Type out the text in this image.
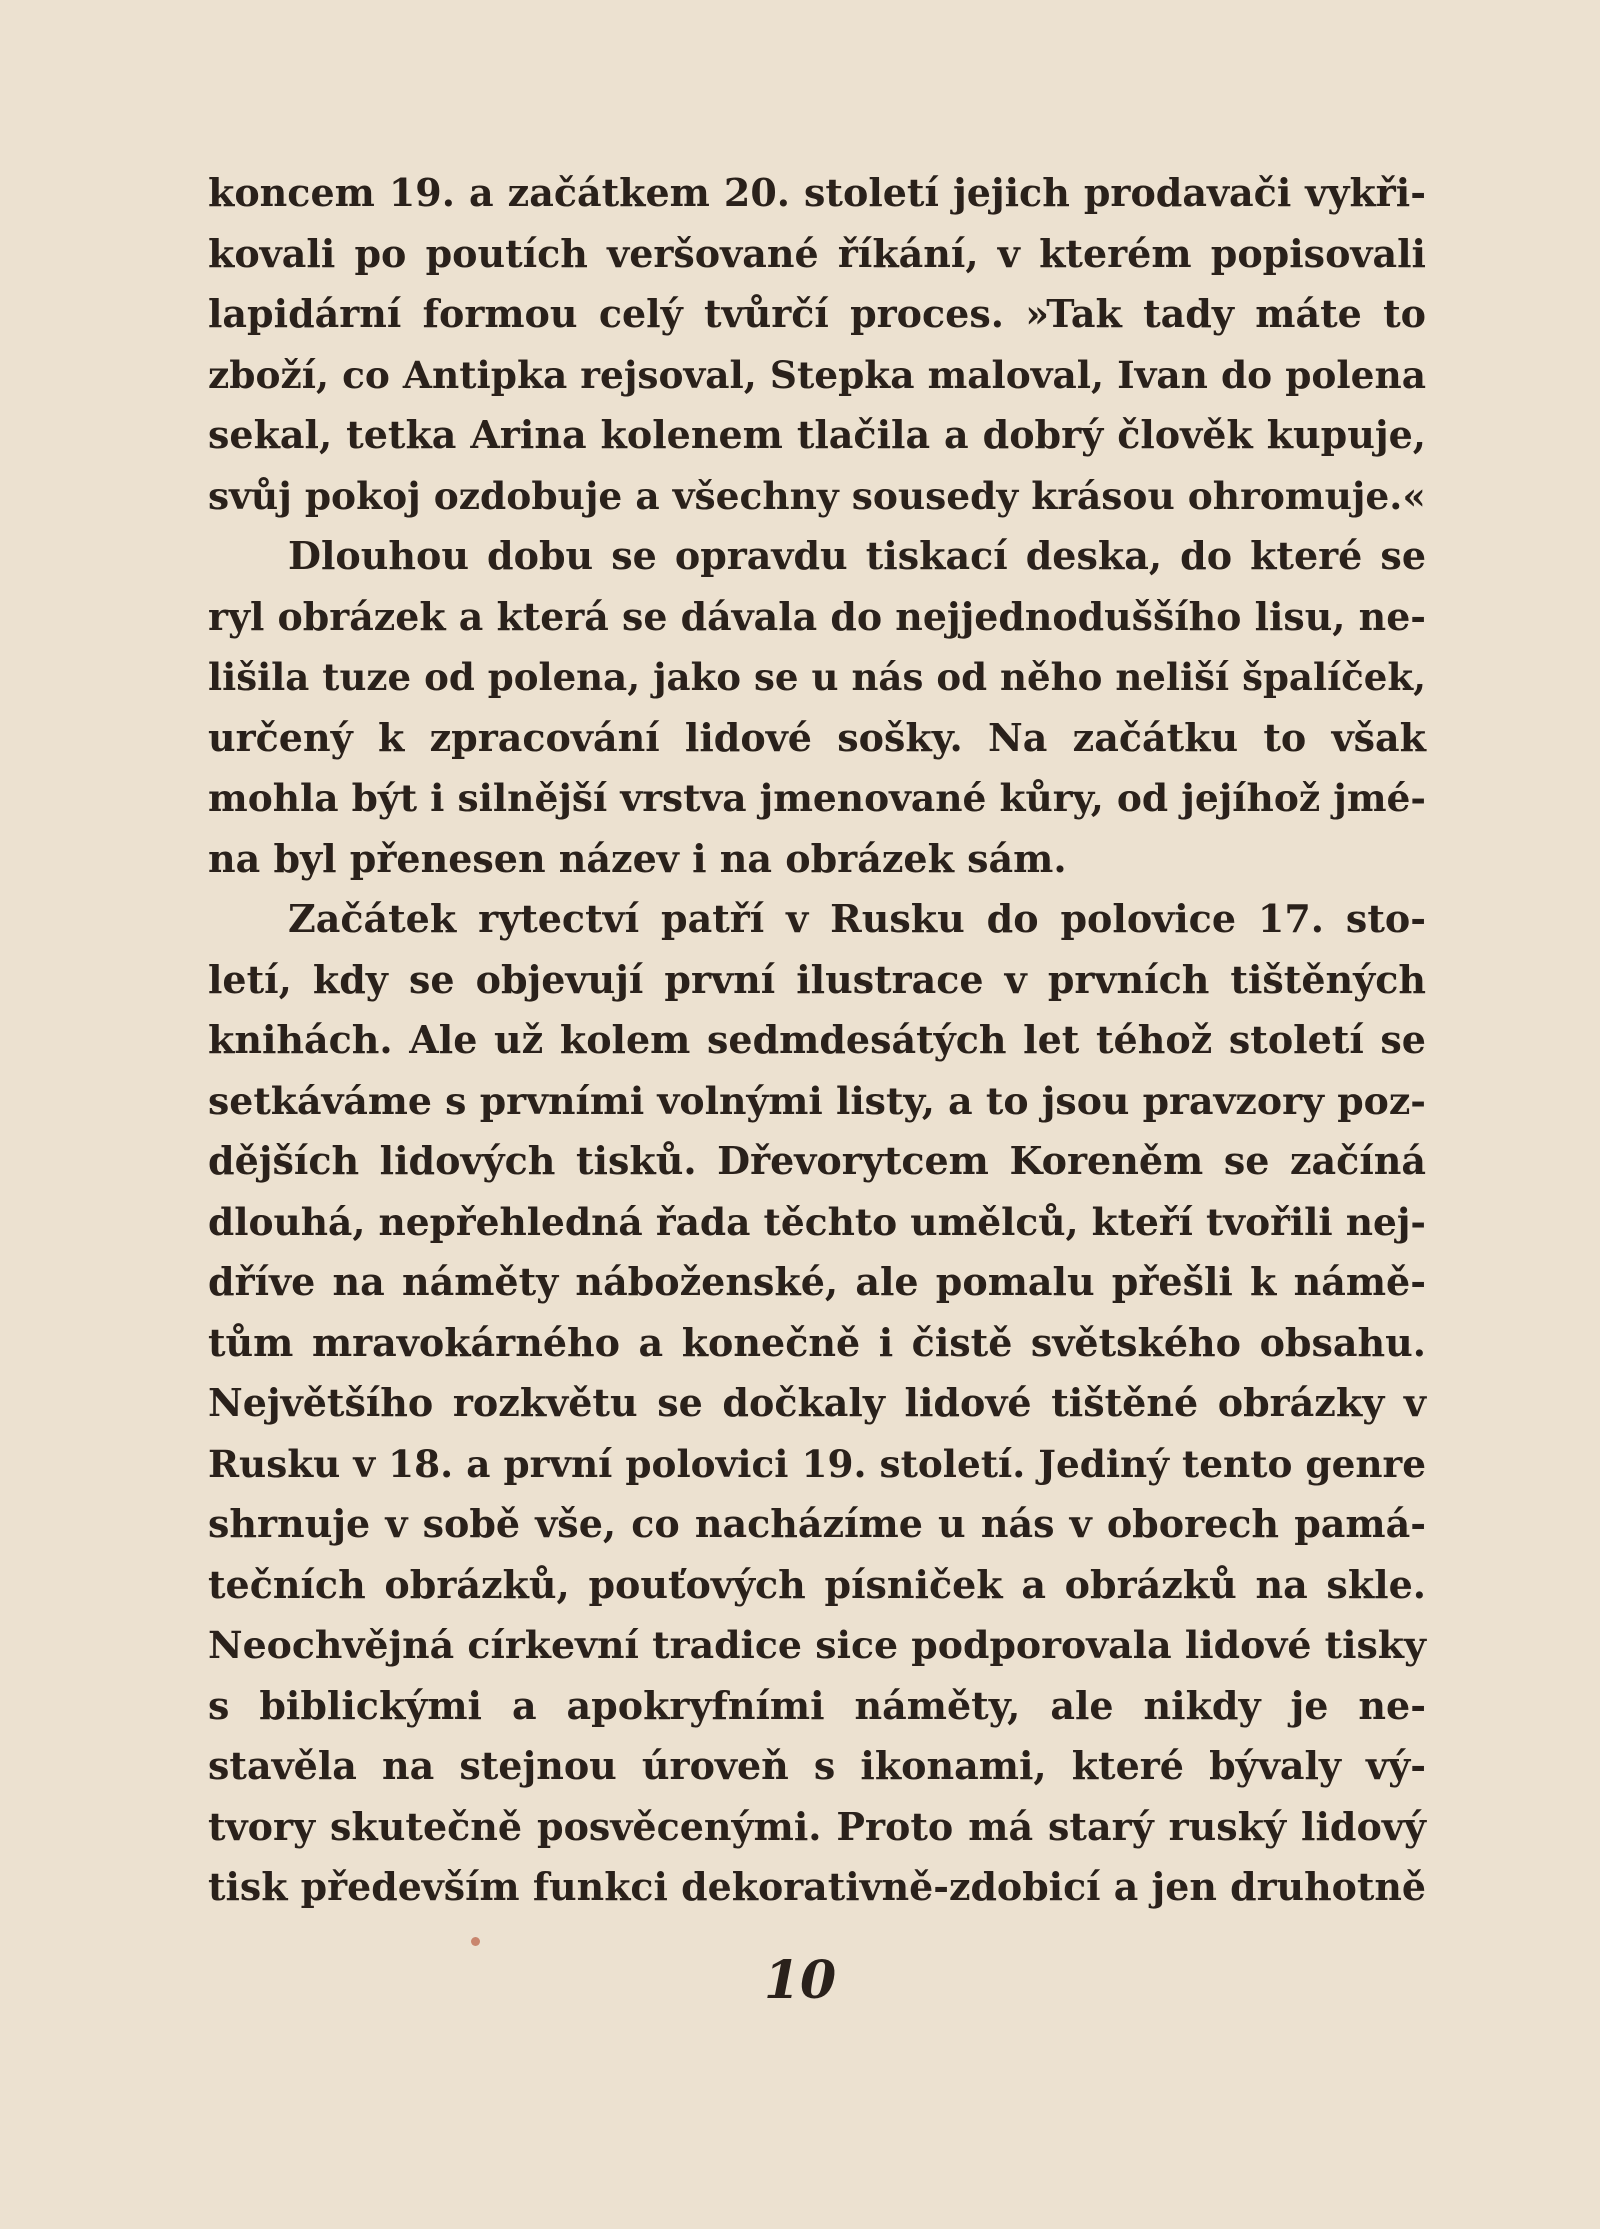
koncem 19. a začátkem 20. století jejich prodavači vykři-
kovali po poutích veršované říkání, v kterém popisovali
lapidární formou celý tvůrčí proces. »Tak tady máte to
zboží, co Antipka rejsoval, Stepka maloval, Ivan do polena
sekal, tetka Arina kolenem tlačila a dobrý člověk kupuje,
svůj pokoj ozdobuje a všechny sousedy krásou ohromuje.«
Dlouhou dobu se opravdu tiskací deska, do které se
ryl obrázek a která se dávala do nejjednoduššího lisu, ne-
lišila tuze od polena, jako se u nás od něho neliší špalíček,
určený k zpracování lidové sošky. Na začátku to však
mohla být i silnější vrstva jmenované kůry, od jejíhož jmé-
na byl přenesen název i na obrázek sám.
Začátek rytectví patří v Rusku do polovice 17. sto-
letí, kdy se objevují první ilustrace v prvních tištěných
knihách. Ale už kolem sedmdesátých let téhož století se
setkáváme s prvními volnými listy, a to jsou pravzory poz-
dějších lidových tisků. Dřevorytcem Koreněm se začíná
dlouhá, nepřehledná řada těchto umělců, kteří tvořili nej-
dříve na náměty náboženské, ale pomalu přešli k námě-
tům mravokárného a konečně i čistě světského obsahu.
Největšího rozkvětu se dočkaly lidové tištěné obrázky v
Rusku v 18. a první polovici 19. století. Jediný tento genre
shrnuje v sobě vše, co nacházíme u nás v oborech pamá-
tečních obrázků, pouťových písniček a obrázků na skle.
Neochvějná církevní tradice sice podporovala lidové tisky
s biblickými a apokryfními náměty, ale nikdy je ne-
stavěla na stejnou úroveň s ikonami, které bývaly vý-
tvory skutečně posvěcenými. Proto má starý ruský lidový
tisk především funkci dekorativně-zdobicí a jen druhotně
10
